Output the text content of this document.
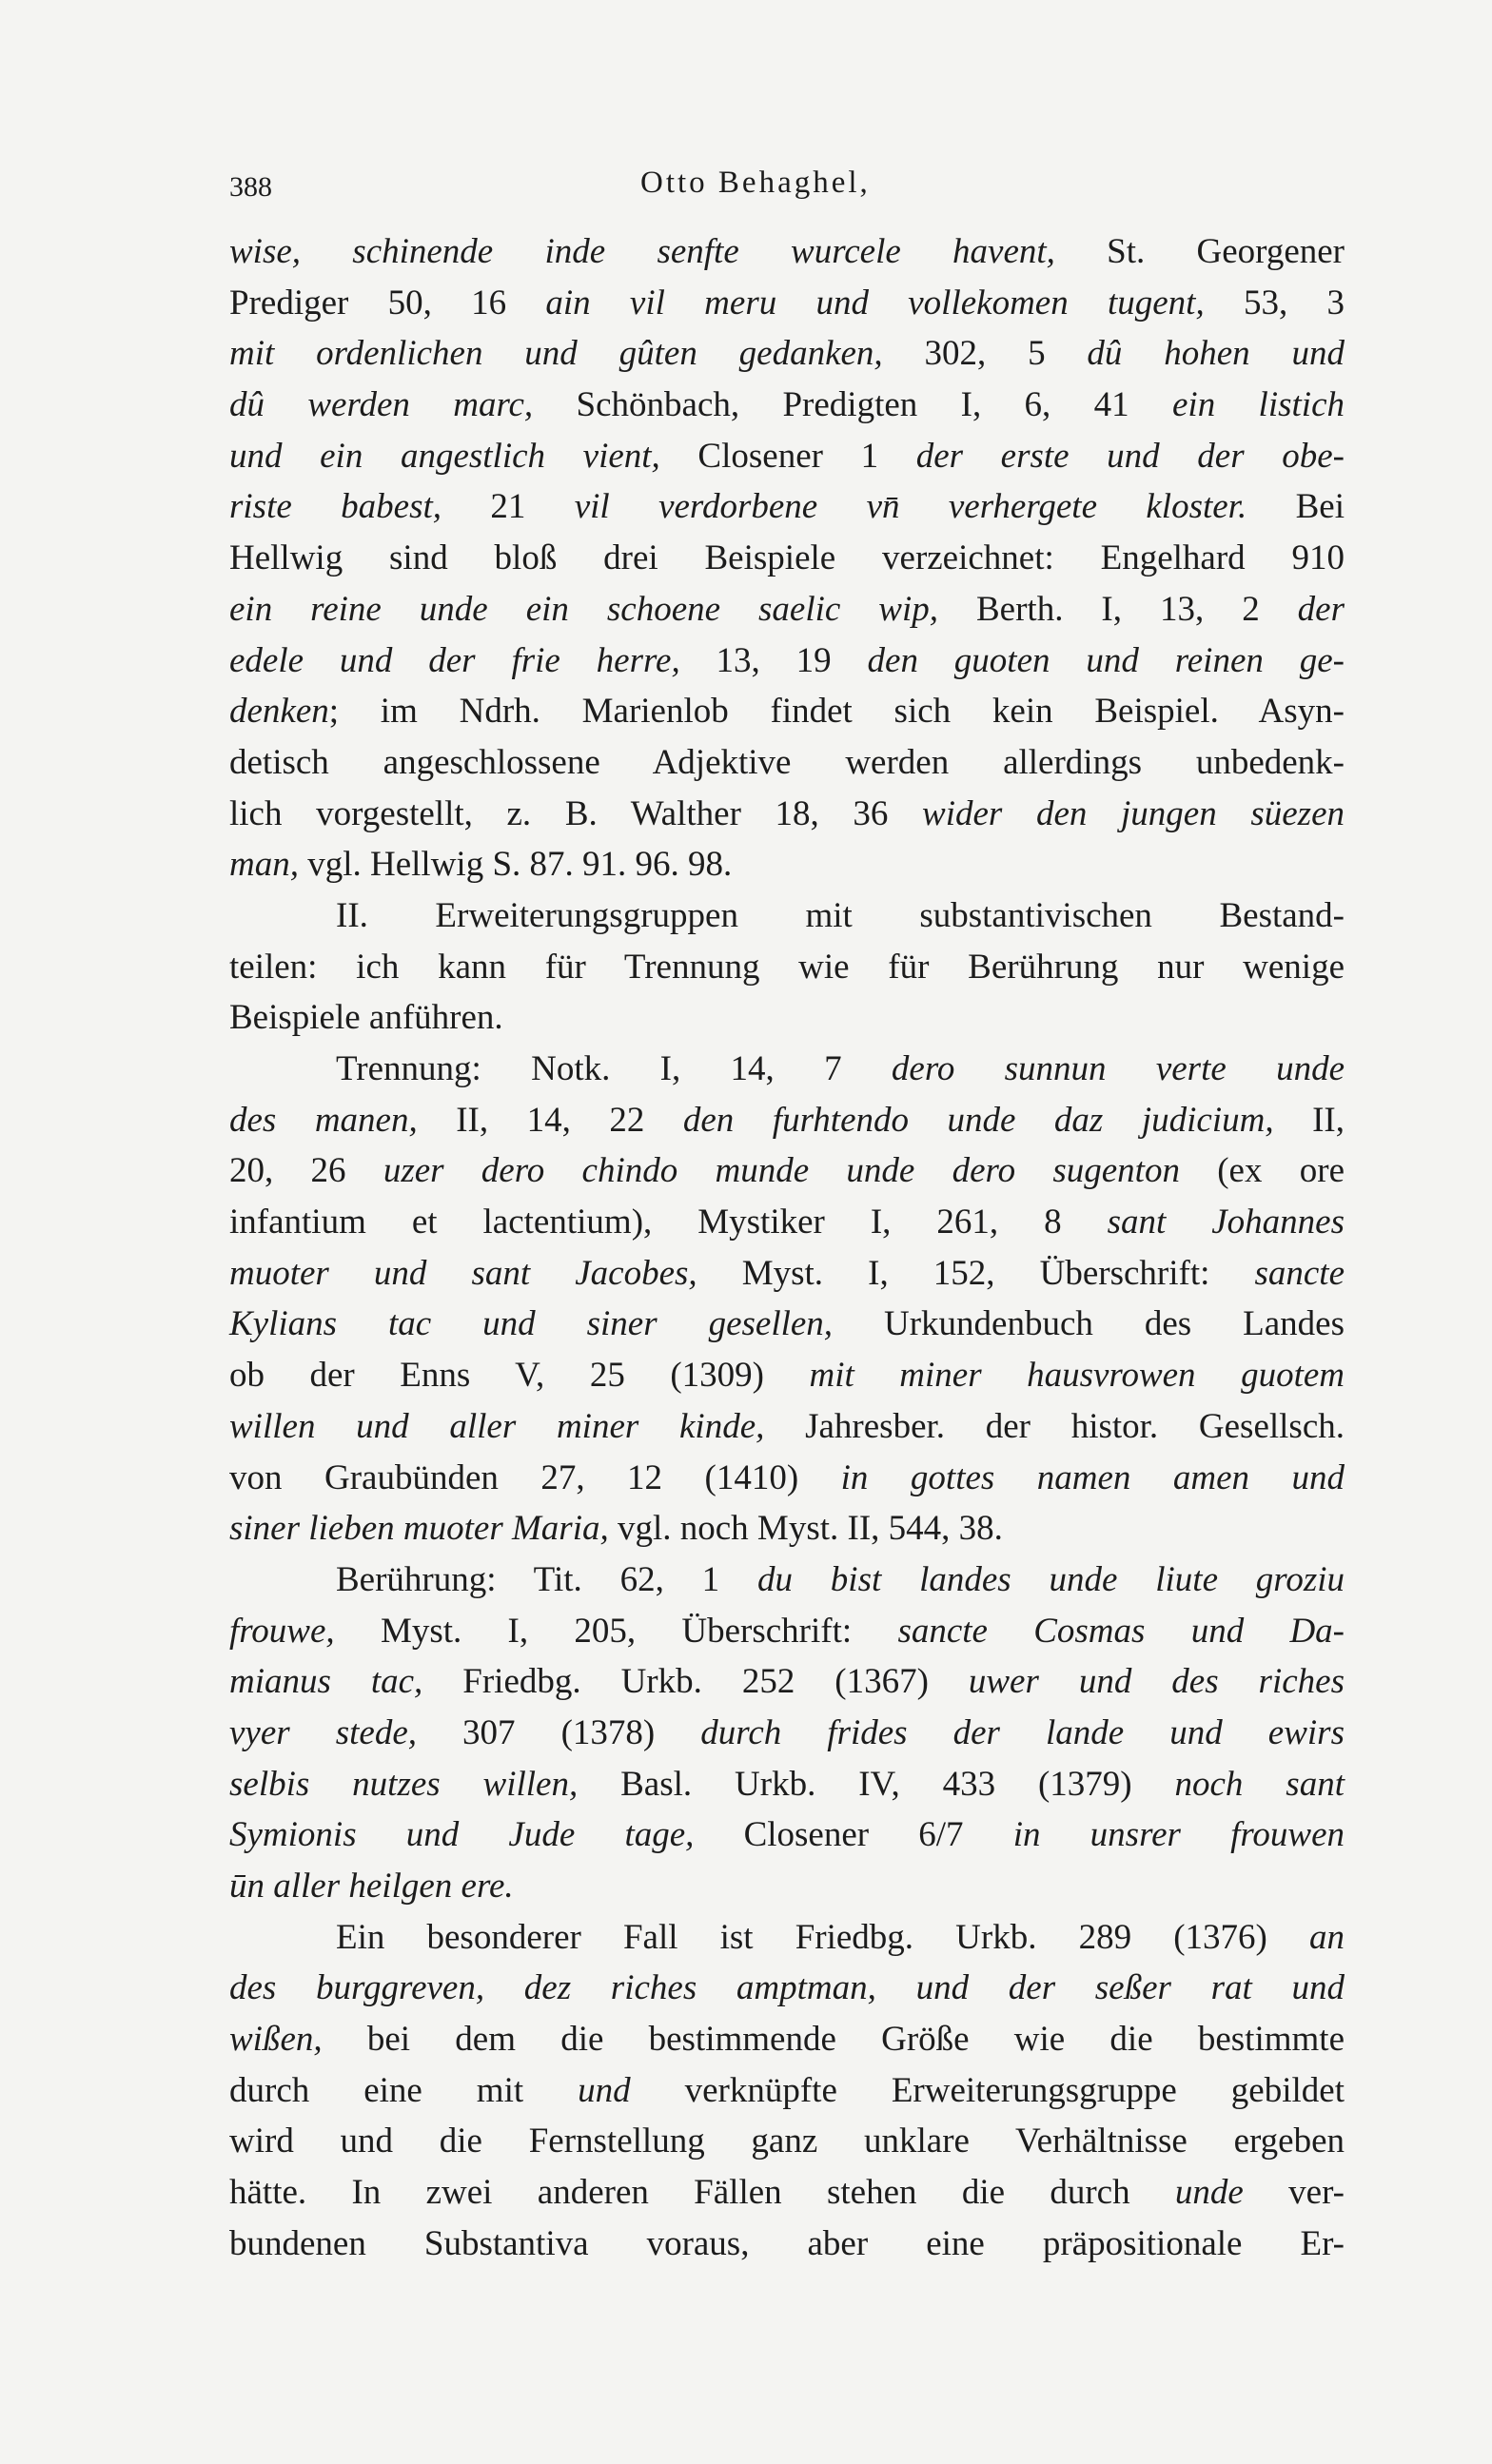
388	Otto Behaghel,
wise, schinende inde senfte wurcele havent, St. Georgener
Prediger 50, 16 ain vil meru und vollekomen tugent, 53, 3
mit ordenlichen und gûten gedanken, 302, 5 dû hohen und
dû werden marc, Schönbach, Predigten I, 6, 41 ein listich
und ein angestlich vient, Closener 1 der erste und der obe-
riste babest, 21 vil verdorbene vn̄ verhergete kloster. Bei
Hellwig sind bloß drei Beispiele verzeichnet: Engelhard 910
ein reine unde ein schoene saelic wip, Berth. I, 13, 2 der
edele und der frie herre, 13, 19 den guoten und reinen ge-
denken; im Ndrh. Marienlob findet sich kein Beispiel. Asyn-
detisch angeschlossene Adjektive werden allerdings unbedenk-
lich vorgestellt, z. B. Walther 18, 36 wider den jungen süezen
man, vgl. Hellwig S. 87. 91. 96. 98.
II. Erweiterungsgruppen mit substantivischen Bestand-
teilen: ich kann für Trennung wie für Berührung nur wenige
Beispiele anführen.
Trennung: Notk. I, 14, 7 dero sunnun verte unde
des manen, II, 14, 22 den furhtendo unde daz judicium, II,
20, 26 uzer dero chindo munde unde dero sugenton (ex ore
infantium et lactentium), Mystiker I, 261, 8 sant Johannes
muoter und sant Jacobes, Myst. I, 152, Überschrift: sancte
Kylians tac und siner gesellen, Urkundenbuch des Landes
ob der Enns V, 25 (1309) mit miner hausvrowen guotem
willen und aller miner kinde, Jahresber. der histor. Gesellsch.
von Graubünden 27, 12 (1410) in gottes namen amen und
siner lieben muoter Maria, vgl. noch Myst. II, 544, 38.
Berührung: Tit. 62, 1 du bist landes unde liute groziu
frouwe, Myst. I, 205, Überschrift: sancte Cosmas und Da-
mianus tac, Friedbg. Urkb. 252 (1367) uwer und des riches
vyer stede, 307 (1378) durch frides der lande und ewirs
selbis nutzes willen, Basl. Urkb. IV, 433 (1379) noch sant
Symionis und Jude tage, Closener 6/7 in unsrer frouwen
ūn aller heilgen ere.
Ein besonderer Fall ist Friedbg. Urkb. 289 (1376) an
des burggreven, dez riches amptman, und der seßer rat und
wißen, bei dem die bestimmende Größe wie die bestimmte
durch eine mit und verknüpfte Erweiterungsgruppe gebildet
wird und die Fernstellung ganz unklare Verhältnisse ergeben
hätte. In zwei anderen Fällen stehen die durch unde ver-
bundenen Substantiva voraus, aber eine präpositionale Er-
